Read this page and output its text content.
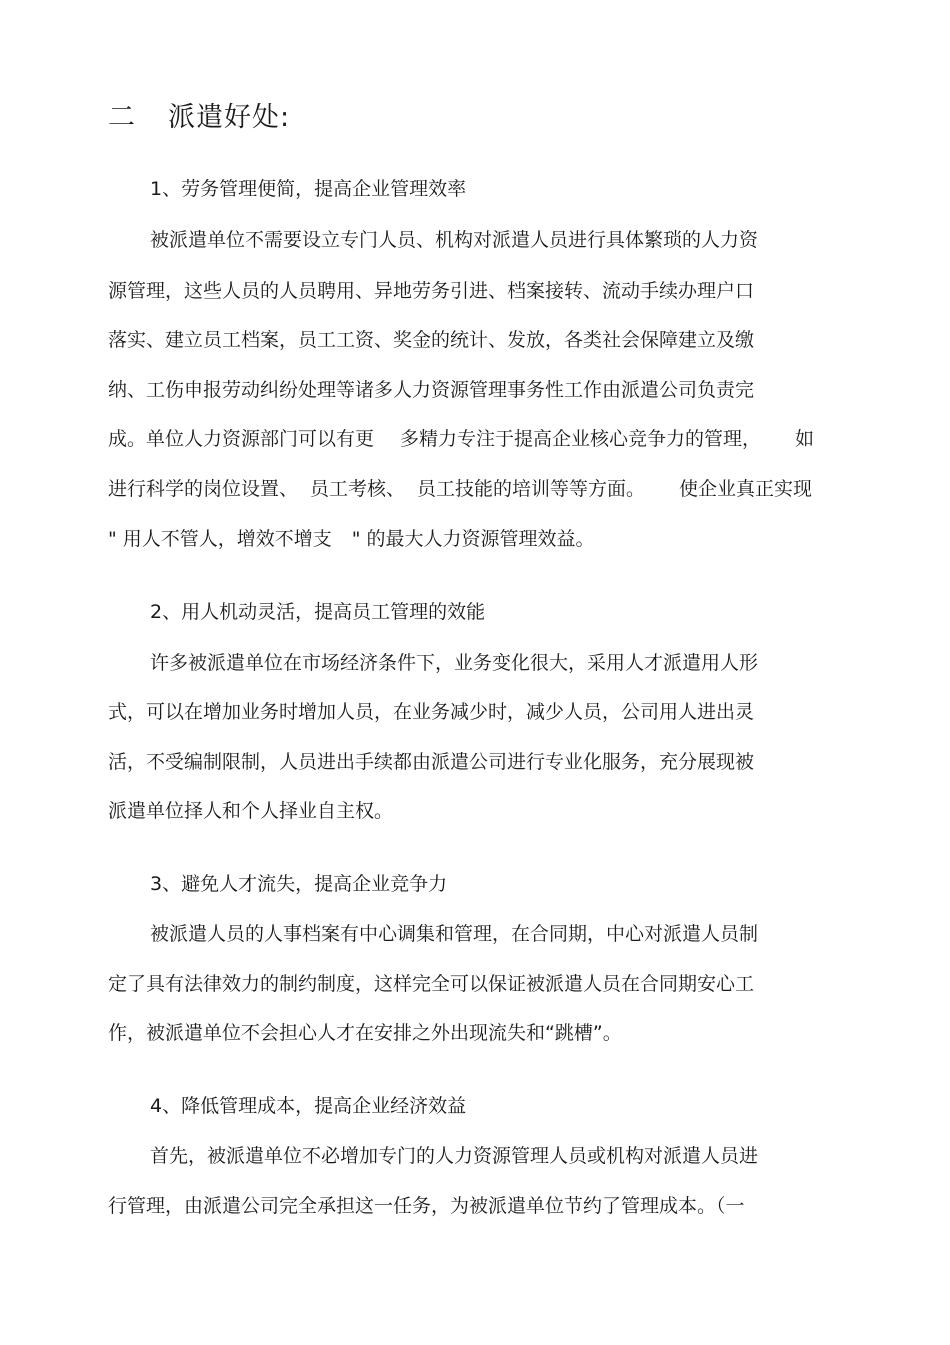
二 派遣好处:
1、劳务管理便简，提高企业管理效率
被派遣单位不需要设立专门人员、机构对派遣人员进行具体繁琐的人力资
源管理，这些人员的人员聘用、异地劳务引进、档案接转、流动手续办理户口
落实、建立员工档案，员工工资、奖金的统计、发放，各类社会保障建立及缴
纳、工伤申报劳动纠纷处理等诸多人力资源管理事务性工作由派遣公司负责完
成。单位人力资源部门可以有更 多精力专注于提高企业核心竞争力的管理， 如
进行科学的岗位设置、 员工考核、 员工技能的培训等等方面。 使企业真正实现
" 用人不管人，增效不增支 " 的最大人力资源管理效益。
2、用人机动灵活，提高员工管理的效能
许多被派遣单位在市场经济条件下，业务变化很大，采用人才派遣用人形
式，可以在增加业务时增加人员，在业务减少时，减少人员，公司用人进出灵
活，不受编制限制，人员进出手续都由派遣公司进行专业化服务，充分展现被
派遣单位择人和个人择业自主权。
3、避免人才流失，提高企业竞争力
被派遣人员的人事档案有中心调集和管理，在合同期，中心对派遣人员制
定了具有法律效力的制约制度，这样完全可以保证被派遣人员在合同期安心工
作，被派遣单位不会担心人才在安排之外出现流失和“跳槽”。
4、降低管理成本，提高企业经济效益
首先，被派遣单位不必增加专门的人力资源管理人员或机构对派遣人员进
行管理，由派遣公司完全承担这一任务，为被派遣单位节约了管理成本。（一
